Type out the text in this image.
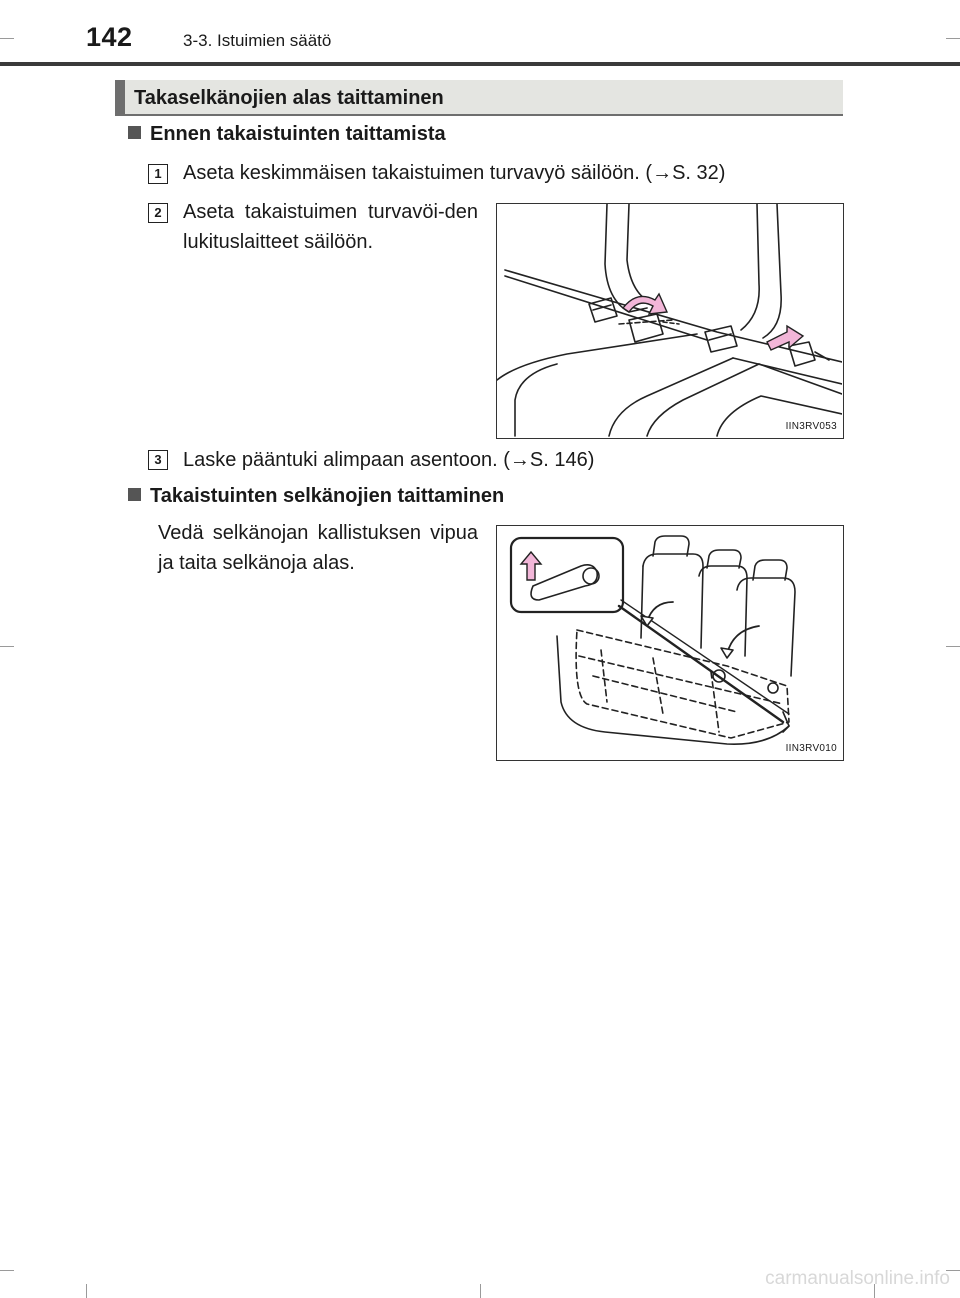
142	3-3. Istuimien säätö
Takaselkänojien alas taittaminen
Ennen takaistuinten taittamista
1	Aseta keskimmäisen takaistuimen turvavyö säilöön. (→S. 32)
2	Aseta takaistuimen turvavöi-den lukituslaitteet säilöön.
IIN3RV053
3	Laske pääntuki alimpaan asentoon. (→S. 146)
Takaistuinten selkänojien taittaminen
Vedä selkänojan kallistuksen vipua ja taita selkänoja alas.
IIN3RV010
carmanualsonline.info
